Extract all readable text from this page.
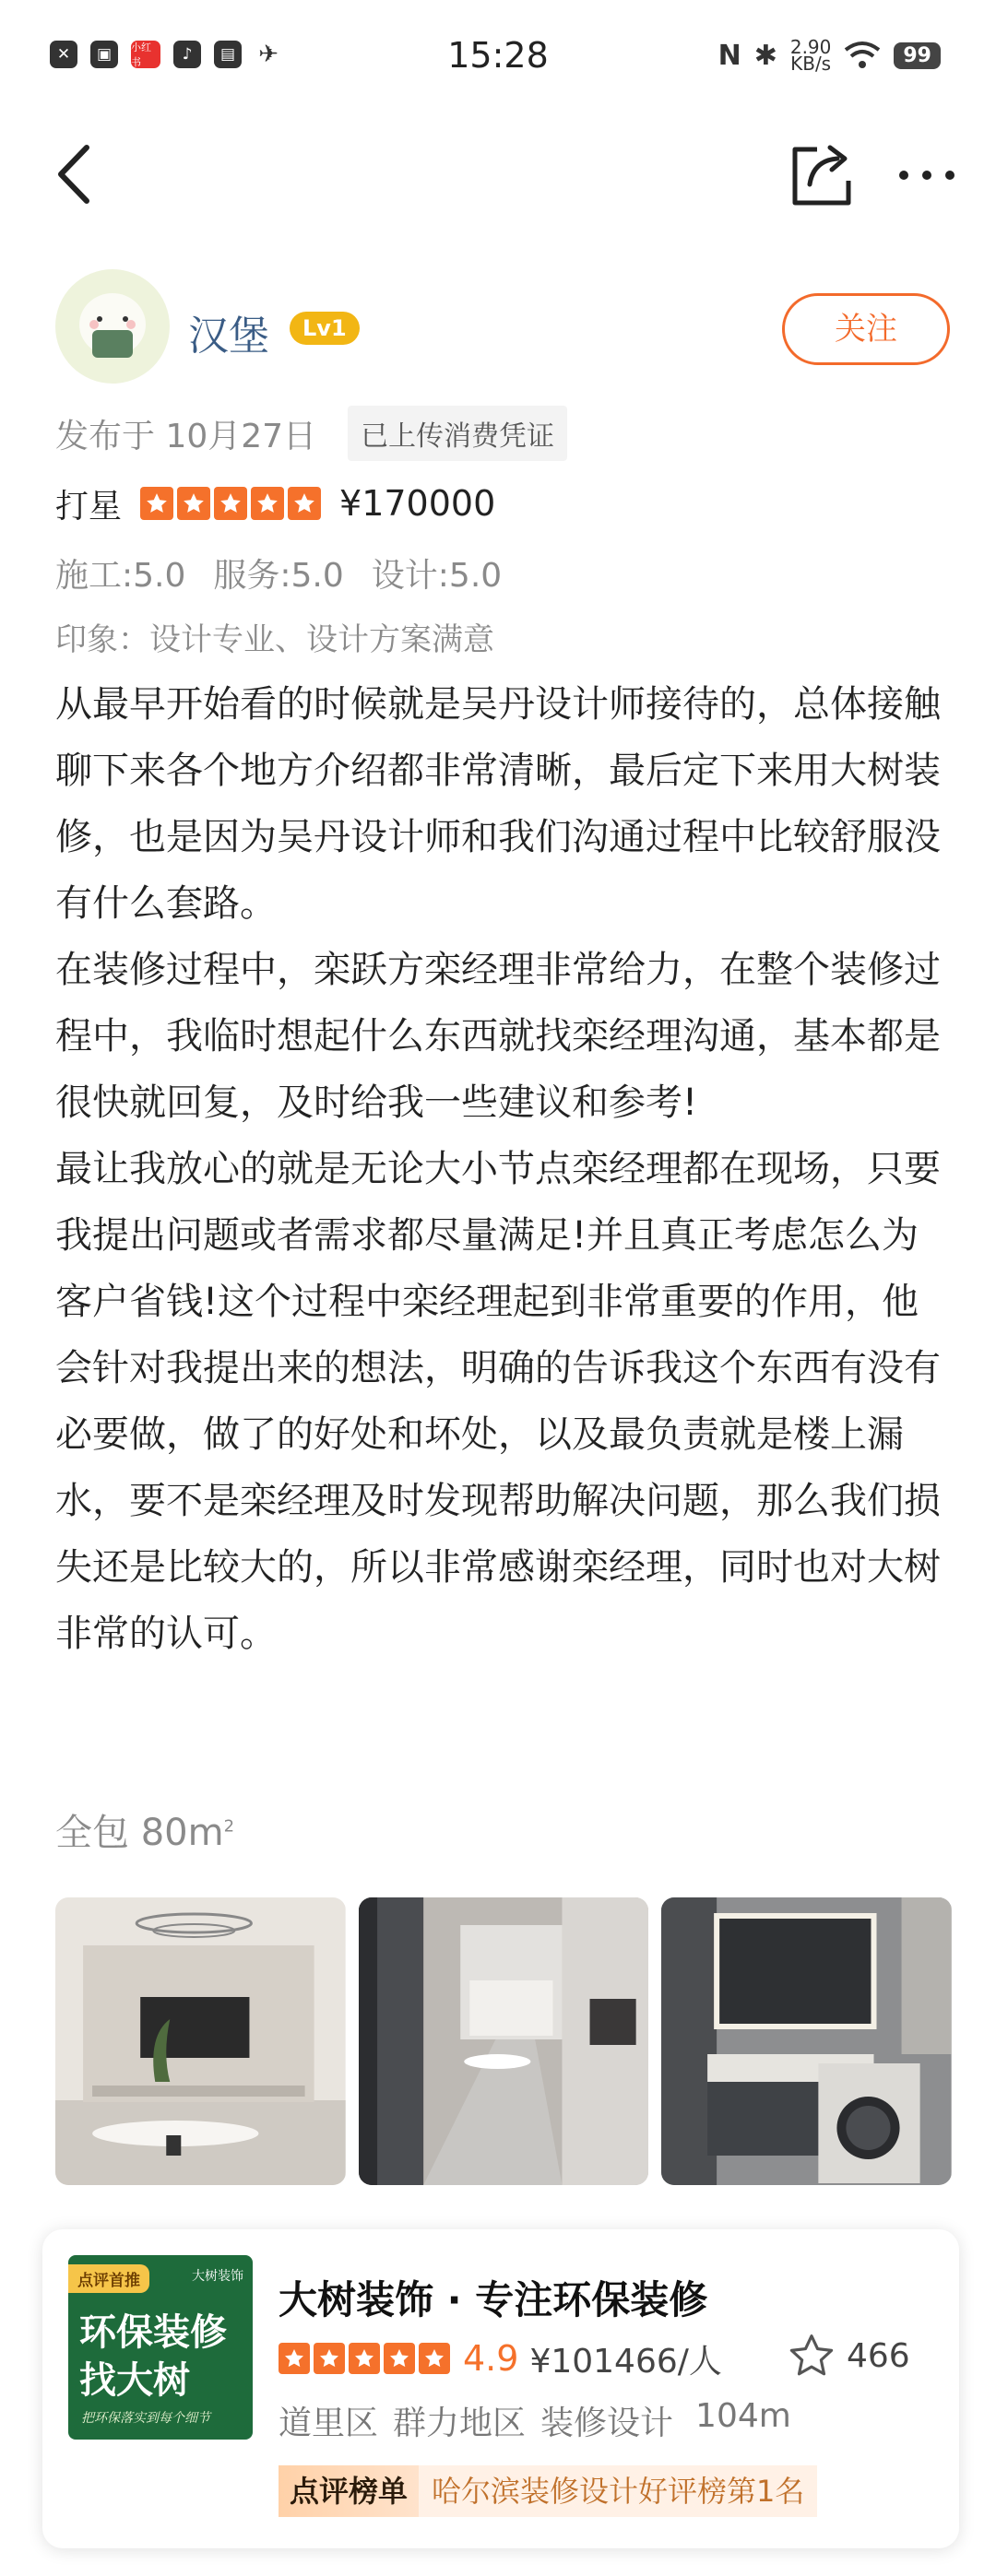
✕	▣	小红书	♪	▤ ✈	15:28	N ✱ 2.90
KB/s	99
汉堡	Lv1	关注
发布于 10月27日	已上传消费凭证
打星	¥170000
施工:5.0 服务:5.0 设计:5.0
印象：设计专业、设计方案满意
从最早开始看的时候就是吴丹设计师接待的，总体接触聊下来各个地方介绍都非常清晰，最后定下来用大树装修，也是因为吴丹设计师和我们沟通过程中比较舒服没有什么套路。
在装修过程中，栾跃方栾经理非常给力，在整个装修过程中，我临时想起什么东西就找栾经理沟通，基本都是很快就回复，及时给我一些建议和参考!
最让我放心的就是无论大小节点栾经理都在现场，只要我提出问题或者需求都尽量满足!并且真正考虑怎么为客户省钱!这个过程中栾经理起到非常重要的作用，他会针对我提出来的想法，明确的告诉我这个东西有没有必要做，做了的好处和坏处，以及最负责就是楼上漏水，要不是栾经理及时发现帮助解决问题，那么我们损失还是比较大的，所以非常感谢栾经理，同时也对大树非常的认可。
全包 $80m^2$
点评首推	大树装饰
环保装修找大树
把环保落实到每个细节
大树装饰 · 专注环保装修
4.9 ¥101466/人	466
道里区 群力地区 装修设计 104m
点评榜单 哈尔滨装修设计好评榜第1名
